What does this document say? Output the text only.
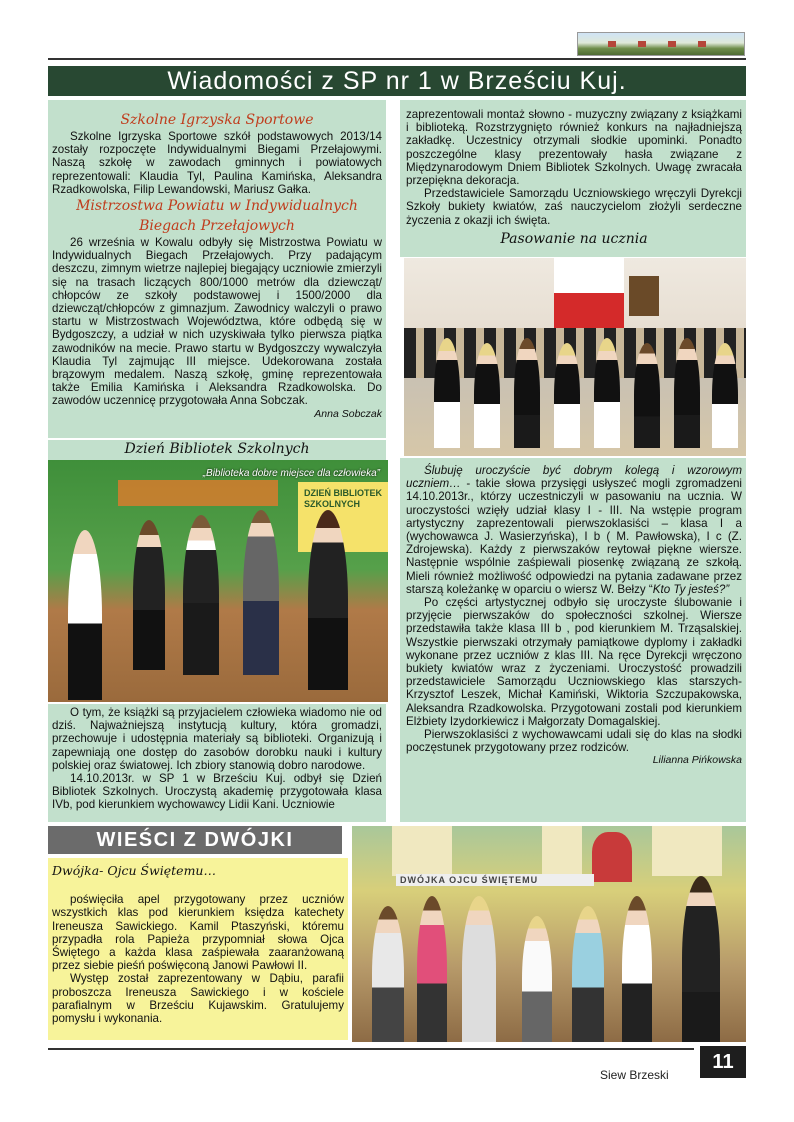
Wiadomości z SP nr 1 w Brześciu Kuj.
Szkolne Igrzyska Sportowe

Szkolne Igrzyska Sportowe szkół podstawowych 2013/14 zostały rozpoczęte Indywidualnymi Biegami Przełajowymi. Naszą szkołę w zawodach gminnych i powiatowych reprezentowali: Klaudia Tyl, Paulina Kamińska, Aleksandra Rzadkowolska, Filip Lewandowski, Mariusz Gałka.

Mistrzostwa Powiatu w Indywidualnych Biegach Przełajowych

26 września w Kowalu odbyły się Mistrzostwa Powiatu w Indywidualnych Biegach Przełajowych. Przy padającym deszczu, zimnym wietrze najlepiej biegający uczniowie zmierzyli się na trasach liczących 800/1000 metrów dla dziewcząt/ chłopców ze szkoły podstawowej i 1500/2000 dla dziewcząt/chłopców z gimnazjum. Zawodnicy walczyli o prawo startu w Mistrzostwach Województwa, które odbędą się w Bydgoszczy, a udział w nich uzyskiwała tylko pierwsza piątka zawodników na mecie. Prawo startu w Bydgoszczy wywalczyła Klaudia Tyl zajmując III miejsce. Udekorowana została brązowym medalem. Naszą szkołę, gminę reprezentowała także Emilia Kamińska i Aleksandra Rzadkowolska. Do zawodów uczennicę przygotowała Anna Sobczak.

Anna Sobczak
Dzień Bibliotek Szkolnych
„Biblioteka dobre miejsce dla człowieka”
DZIEŃ BIBLIOTEK SZKOLNYCH

O tym, że książki są przyjacielem człowieka wiadomo nie od dziś. Najważniejszą instytucją kultury, która gromadzi, przechowuje i udostępnia materiały są biblioteki. Organizują i zapewniają one dostęp do zasobów dorobku nauki i kultury polskiej oraz światowej. Ich zbiory stanowią dobro narodowe.

14.10.2013r. w SP 1 w Brześciu Kuj. odbył się Dzień Bibliotek Szkolnych. Uroczystą akademię przygotowała klasa IVb, pod kierunkiem wychowawcy Lidii Kani. Uczniowie

zaprezentowali montaż słowno - muzyczny związany z książkami i biblioteką. Rozstrzygnięto również konkurs na najładniejszą zakładkę. Uczestnicy otrzymali słodkie upominki. Ponadto poszczególne klasy prezentowały hasła związane z Międzynarodowym Dniem Bibliotek Szkolnych. Uwagę zwracała przepiękna dekoracja.

Przedstawiciele Samorządu Uczniowskiego wręczyli Dyrekcji Szkoły bukiety kwiatów, zaś nauczycielom złożyli serdeczne życzenia z okazji ich święta.

Pasowanie na ucznia

Ślubuję uroczyście być dobrym kolegą i wzorowym uczniem… - takie słowa przysięgi usłyszeć mogli zgromadzeni 14.10.2013r., którzy uczestniczyli w pasowaniu na ucznia. W uroczystości wzięły udział klasy I - III. Na wstępie program artystyczny zaprezentowali pierwszoklasiści – klasa I a (wychowawca J. Wasierzyńska), I b ( M. Pawłowska), I c (Z. Zdrojewska). Każdy z pierwszaków reytował piękne wiersze. Następnie wspólnie zaśpiewali piosenkę związaną ze szkołą. Mieli również możliwość odpowiedzi na pytania zadawane przez starszą koleżankę w oparciu o wiersz W. Bełzy “Kto Ty jesteś?”

Po części artystycznej odbyło się uroczyste ślubowanie i przyjęcie pierwszaków do społeczności szkolnej. Wiersze przedstawiła także klasa III b , pod kierunkiem M. Trząsalskiej. Wszystkie pierwszaki otrzymały pamiątkowe dyplomy i zakładki wykonane przez uczniów z klas III. Na ręce Dyrekcji wręczono bukiety kwiatów wraz z życzeniami. Uroczystość prowadzili przedstawiciele Samorządu Uczniowskiego klas starszych- Krzysztof Leszek, Michał Kamiński, Wiktoria Szczupakowska, Aleksandra Rzadkowolska. Przygotowani zostali pod kierunkiem Elżbiety Izydorkiewicz i Małgorzaty Domagalskiej.

Pierwszoklasiści z wychowawcami udali się do klas na słodki poczęstunek przygotowany przez rodziców.

Lilianna Pińkowska
WIEŚCI Z DWÓJKI

Dwójka- Ojcu Świętemu…

poświęciła apel przygotowany przez uczniów wszystkich klas pod kierunkiem księdza katechety Ireneusza Sawickiego. Kamil Ptaszyński, któremu przypadła rola Papieża przypomniał słowa Ojca Świętego a każda klasa zaśpiewała zaaranżowaną przez siebie pieśń poświęconą Janowi Pawłowi II.

Występ został zaprezentowany w Dąbiu, parafii proboszcza Ireneusza Sawickiego i w kościele parafialnym w Brześciu Kujawskim. Gratulujemy pomysłu i wykonania.

DWÓJKA OJCU ŚWIĘTEMU
Siew Brzeski
11
